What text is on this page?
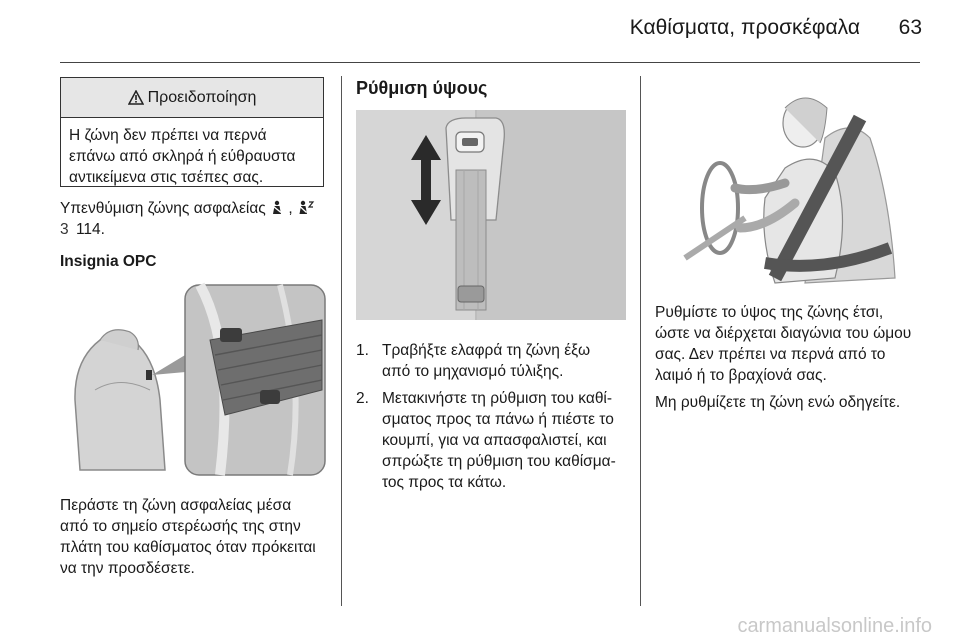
Καθίσματα, προσκέφαλα 63
Προειδοποίηση
Η ζώνη δεν πρέπει να περνά
επάνω από σκληρά ή εύθραυστα
αντικείμενα στις τσέπες σας.
Υπενθύμιση ζώνης ασφαλείας ,
3 114.
Insignia OPC
Περάστε τη ζώνη ασφαλείας μέσα
από το σημείο στερέωσής της στην
πλάτη του καθίσματος όταν πρόκειται
να την προσδέσετε.
Ρύθμιση ύψους
1. Τραβήξτε ελαφρά τη ζώνη έξω
από το μηχανισμό τύλιξης.
2. Μετακινήστε τη ρύθμιση του καθί-
σματος προς τα πάνω ή πιέστε το
κουμπί, για να απασφαλιστεί, και
σπρώξτε τη ρύθμιση του καθίσμα-
τος προς τα κάτω.
Ρυθμίστε το ύψος της ζώνης έτσι,
ώστε να διέρχεται διαγώνια του ώμου
σας. Δεν πρέπει να περνά από το
λαιμό ή το βραχίονά σας.
Μη ρυθμίζετε τη ζώνη ενώ οδηγείτε.
carmanualsonline.info
